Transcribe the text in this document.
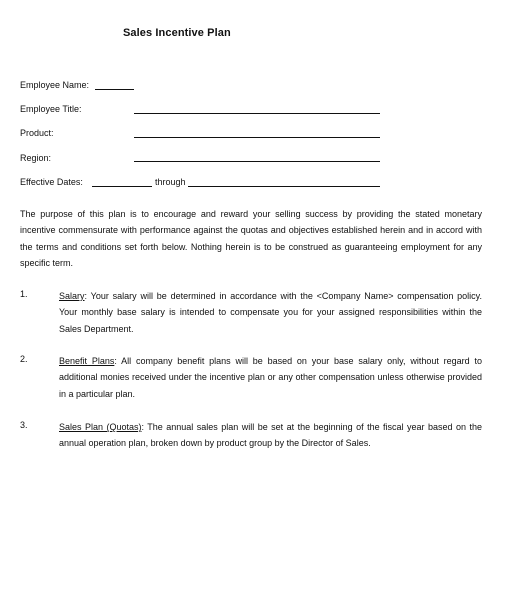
Sales Incentive Plan
Employee Name:
Employee Title:
Product:
Region:
Effective Dates:	through

The purpose of this plan is to encourage and reward your selling success by providing the stated monetary incentive commensurate with performance against the quotas and objectives established herein and in accord with the terms and conditions set forth below. Nothing herein is to be construed as guaranteeing employment for any specific term.

1.	Salary: Your salary will be determined in accordance with the <Company Name> compensation policy. Your monthly base salary is intended to compensate you for your assigned responsibilities within the Sales Department.

2.	Benefit Plans: All company benefit plans will be based on your base salary only, without regard to additional monies received under the incentive plan or any other compensation unless otherwise provided in a particular plan.

3.	Sales Plan (Quotas): The annual sales plan will be set at the beginning of the fiscal year based on the annual operation plan, broken down by product group by the Director of Sales.
